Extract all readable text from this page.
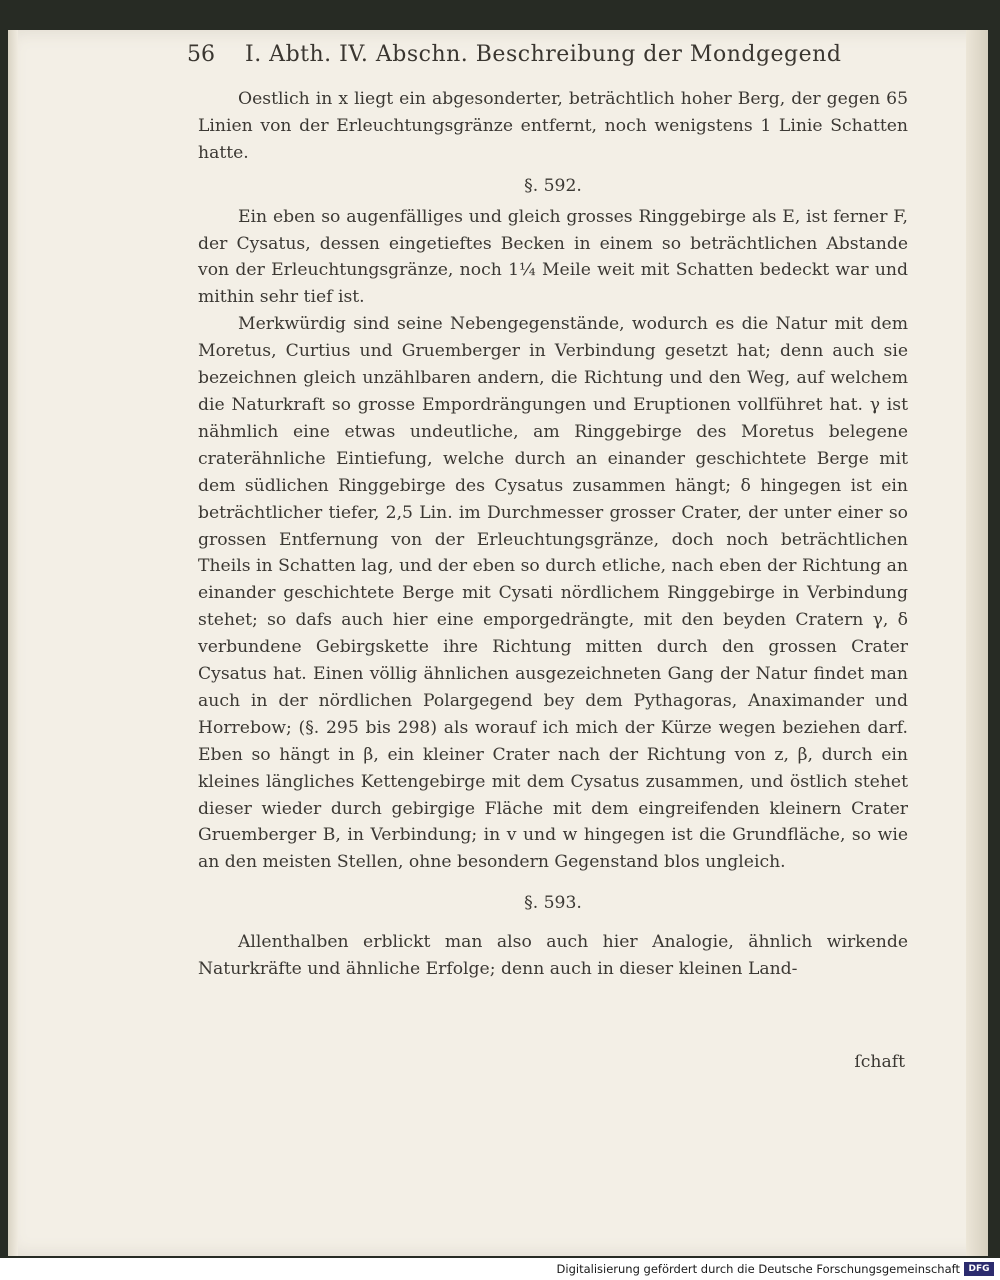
56 I. Abth. IV. Abschn. Beschreibung der Mondgegend

Oestlich in x liegt ein abgesonderter, beträchtlich hoher Berg, der gegen 65 Linien von der Erleuchtungsgränze entfernt, noch wenigstens 1 Linie Schatten hatte.

§. 592.

Ein eben so augenfälliges und gleich grosses Ringgebirge als E, ist ferner F, der Cysatus, dessen eingetieftes Becken in einem so beträchtlichen Abstande von der Erleuchtungsgränze, noch 1¼ Meile weit mit Schatten bedeckt war und mithin sehr tief ist.

Merkwürdig sind seine Nebengegenstände, wodurch es die Natur mit dem Moretus, Curtius und Gruemberger in Verbindung gesetzt hat; denn auch sie bezeichnen gleich unzählbaren andern, die Richtung und den Weg, auf welchem die Naturkraft so grosse Empordrängungen und Eruptionen vollführet hat. γ ist nähmlich eine etwas undeutliche, am Ringgebirge des Moretus belegene craterähnliche Eintiefung, welche durch an einander geschichtete Berge mit dem südlichen Ringgebirge des Cysatus zusammen hängt; δ hingegen ist ein beträchtlicher tiefer, 2,5 Lin. im Durchmesser grosser Crater, der unter einer so grossen Entfernung von der Erleuchtungsgränze, doch noch beträchtlichen Theils in Schatten lag, und der eben so durch etliche, nach eben der Richtung an einander geschichtete Berge mit Cysati nördlichem Ringgebirge in Verbindung stehet; so dafs auch hier eine emporgedrängte, mit den beyden Cratern γ, δ verbundene Gebirgskette ihre Richtung mitten durch den grossen Crater Cysatus hat. Einen völlig ähnlichen ausgezeichneten Gang der Natur findet man auch in der nördlichen Polargegend bey dem Pythagoras, Anaximander und Horrebow; (§. 295 bis 298) als worauf ich mich der Kürze wegen beziehen darf. Eben so hängt in β, ein kleiner Crater nach der Richtung von z, β, durch ein kleines längliches Kettengebirge mit dem Cysatus zusammen, und östlich stehet dieser wieder durch gebirgige Fläche mit dem eingreifenden kleinern Crater Gruemberger B, in Verbindung; in v und w hingegen ist die Grundfläche, so wie an den meisten Stellen, ohne besondern Gegenstand blos ungleich.

§. 593.

Allenthalben erblickt man also auch hier Analogie, ähnlich wirkende Naturkräfte und ähnliche Erfolge; denn auch in dieser kleinen Land-

ſchaft
Digitalisierung gefördert durch die Deutsche Forschungsgemeinschaft DFG
